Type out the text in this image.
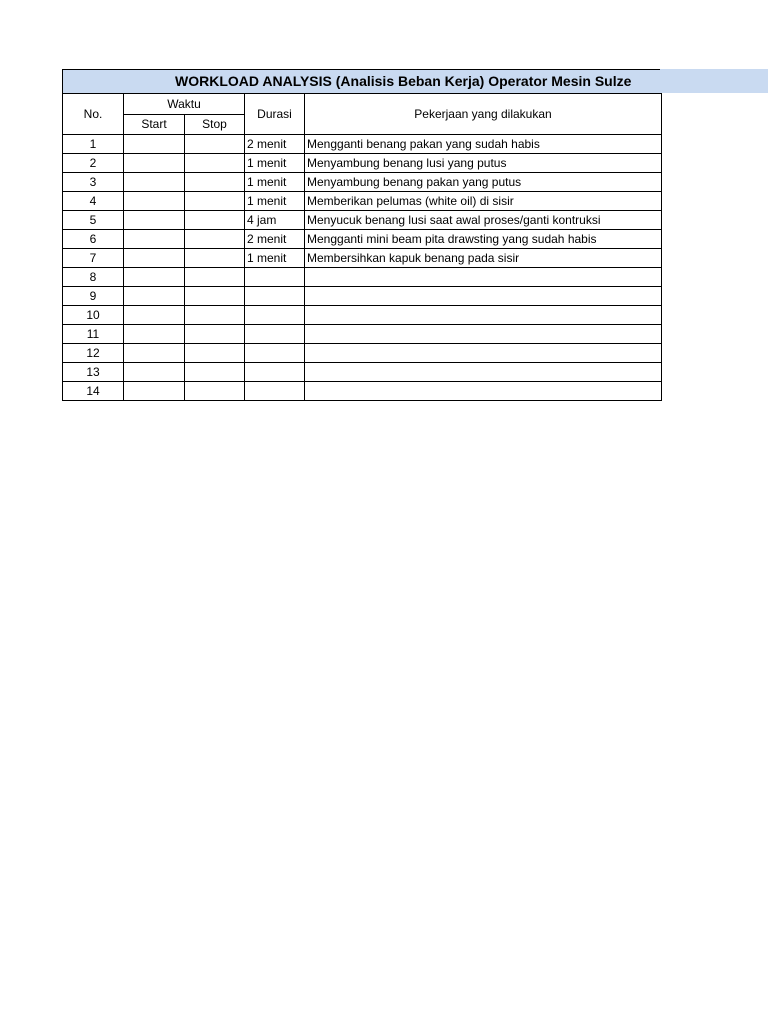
WORKLOAD ANALYSIS (Analisis Beban Kerja) Operator Mesin Sulze
No.	Waktu		Durasi	Pekerjaan yang dilakukan
	Start	Stop		
1			2 menit	Mengganti benang pakan yang sudah habis
2			1 menit	Menyambung benang lusi yang putus
3			1 menit	Menyambung benang pakan yang putus
4			1 menit	Memberikan pelumas (white oil) di sisir
5			4 jam	Menyucuk benang lusi saat awal proses/ganti kontruksi
6			2 menit	Mengganti mini beam pita drawsting yang sudah habis
7			1 menit	Membersihkan kapuk benang pada sisir
8				
9				
10				
11				
12				
13				
14				
